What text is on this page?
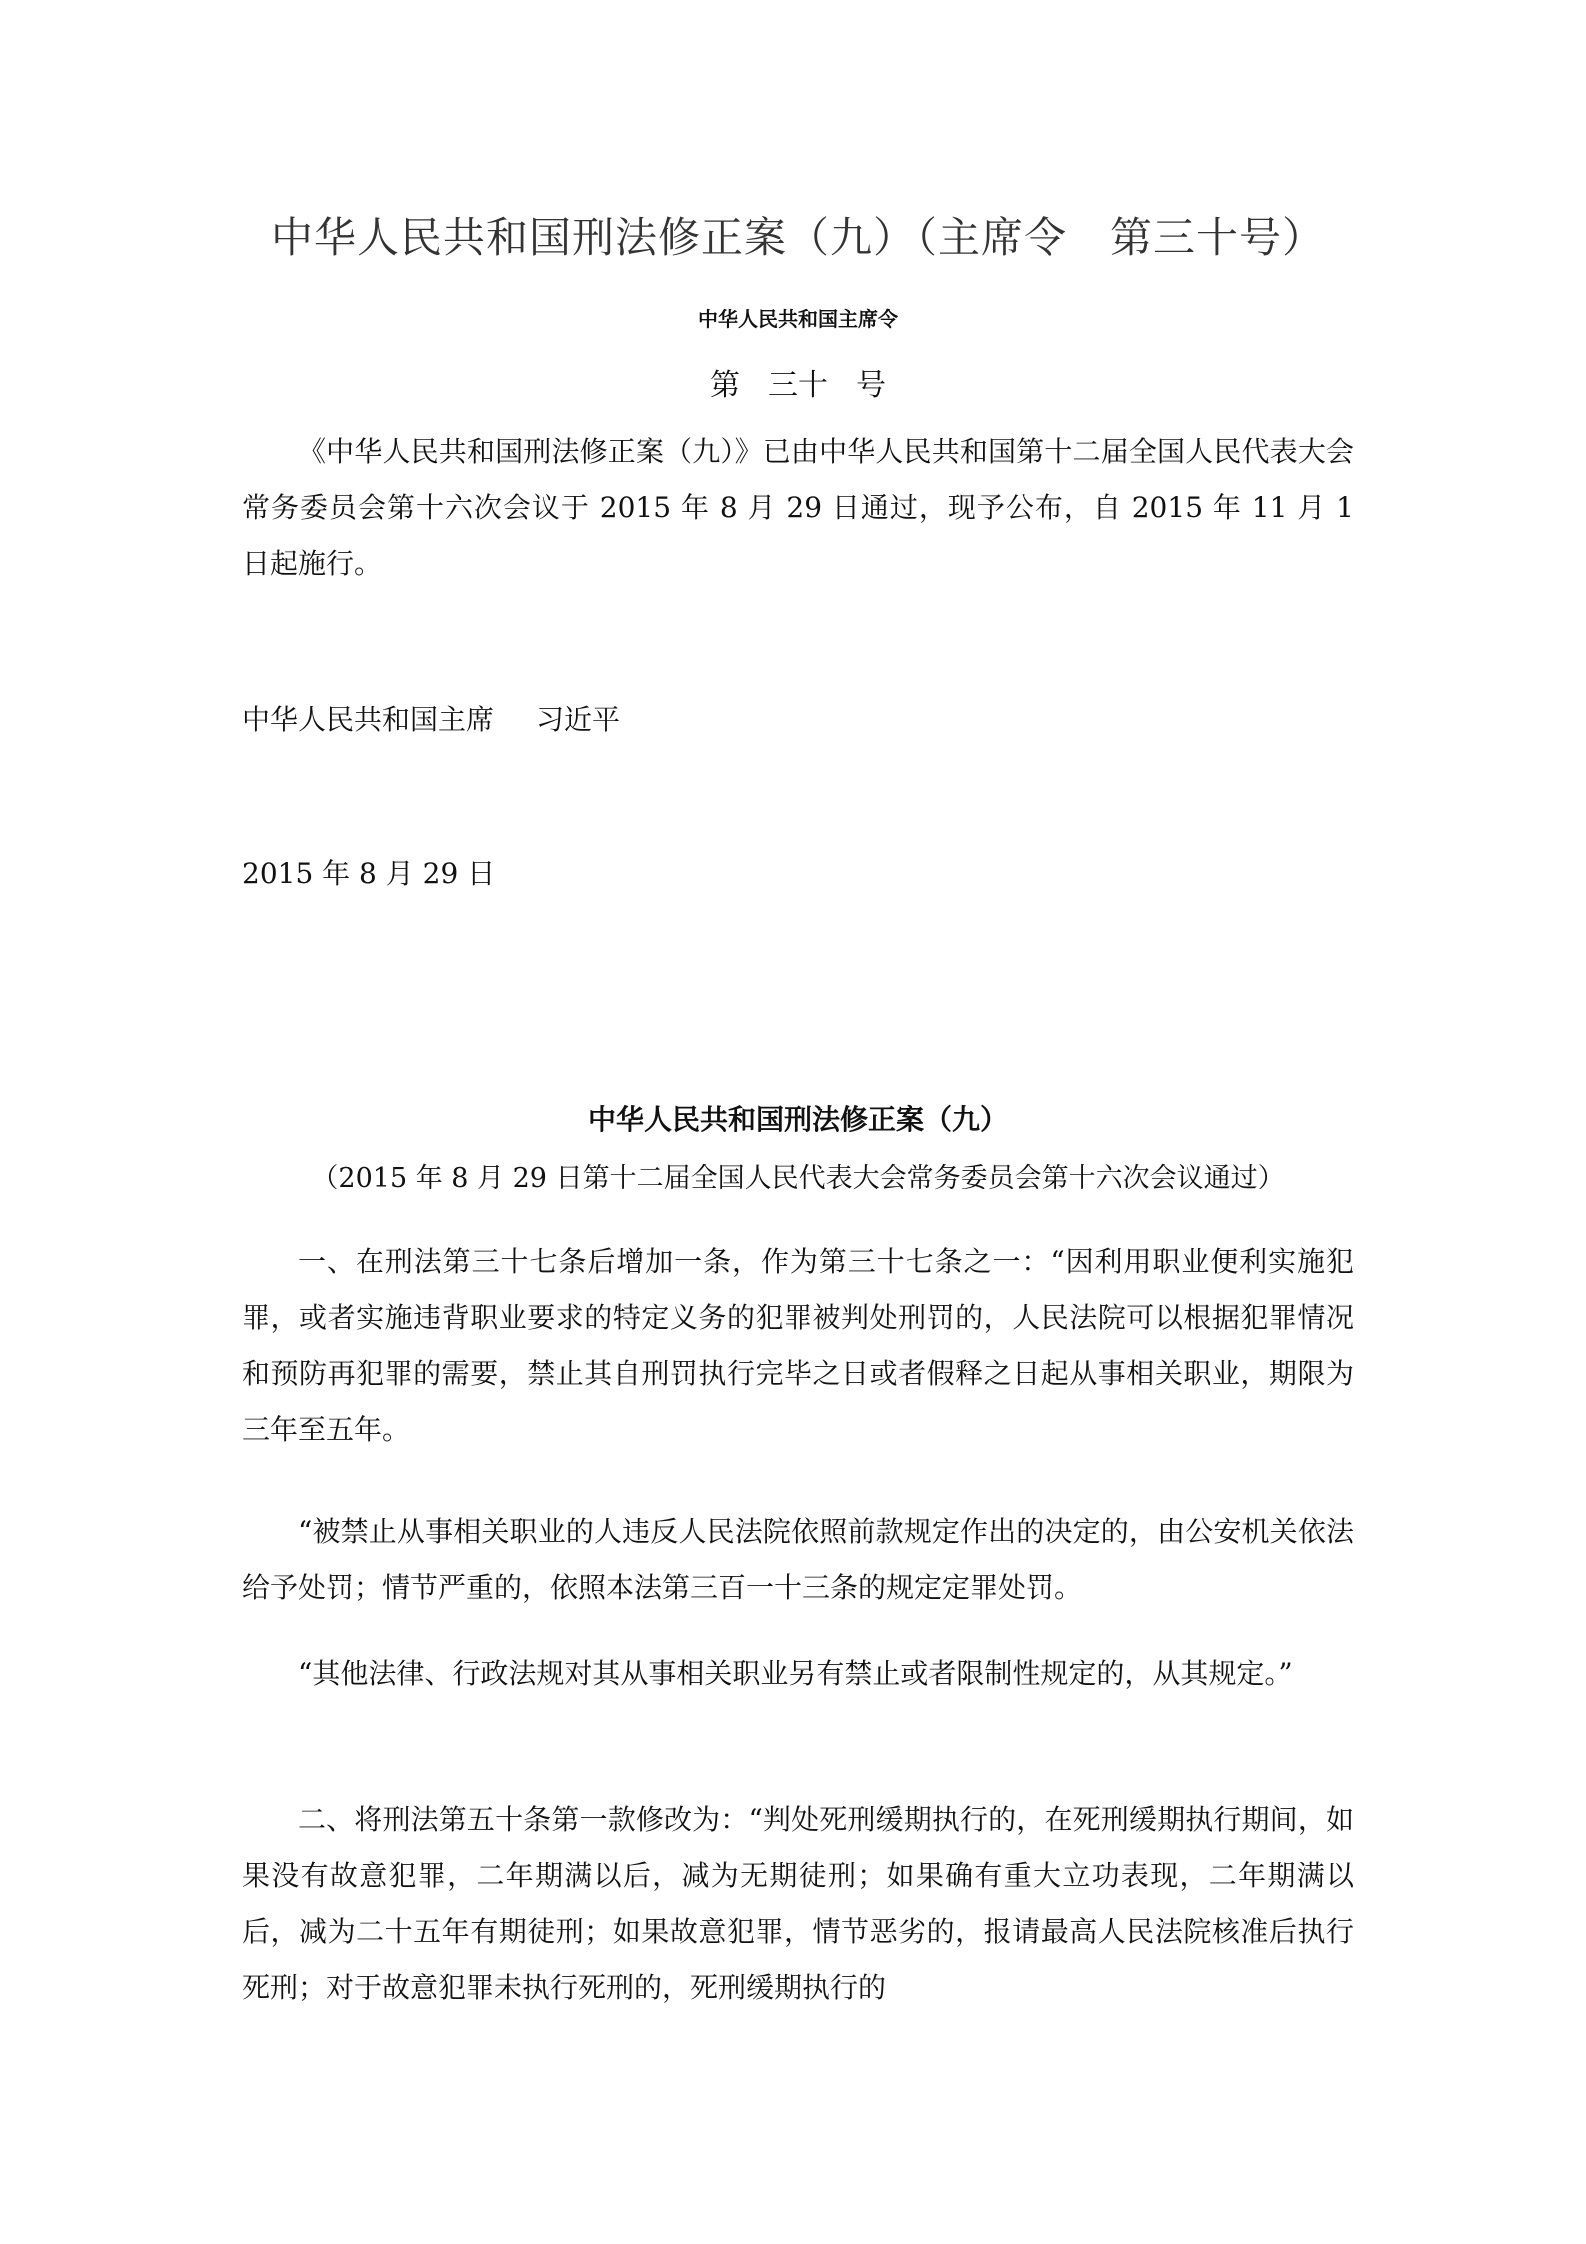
中华人民共和国刑法修正案（九）（主席令　第三十号）
中华人民共和国主席令
第 三十 号

《中华人民共和国刑法修正案（九）》已由中华人民共和国第十二届全国人民代表大会常务委员会第十六次会议于 2015 年 8 月 29 日通过，现予公布，自 2015 年 11 月 1 日起施行。

中华人民共和国主席 习近平
2015 年 8 月 29 日
中华人民共和国刑法修正案（九）
（2015 年 8 月 29 日第十二届全国人民代表大会常务委员会第十六次会议通过）

一、在刑法第三十七条后增加一条，作为第三十七条之一：“因利用职业便利实施犯罪，或者实施违背职业要求的特定义务的犯罪被判处刑罚的，人民法院可以根据犯罪情况和预防再犯罪的需要，禁止其自刑罚执行完毕之日或者假释之日起从事相关职业，期限为三年至五年。

“被禁止从事相关职业的人违反人民法院依照前款规定作出的决定的，由公安机关依法给予处罚；情节严重的，依照本法第三百一十三条的规定定罪处罚。

“其他法律、行政法规对其从事相关职业另有禁止或者限制性规定的，从其规定。”

二、将刑法第五十条第一款修改为：“判处死刑缓期执行的，在死刑缓期执行期间，如果没有故意犯罪，二年期满以后，减为无期徒刑；如果确有重大立功表现，二年期满以后，减为二十五年有期徒刑；如果故意犯罪，情节恶劣的，报请最高人民法院核准后执行死刑；对于故意犯罪未执行死刑的，死刑缓期执行的
